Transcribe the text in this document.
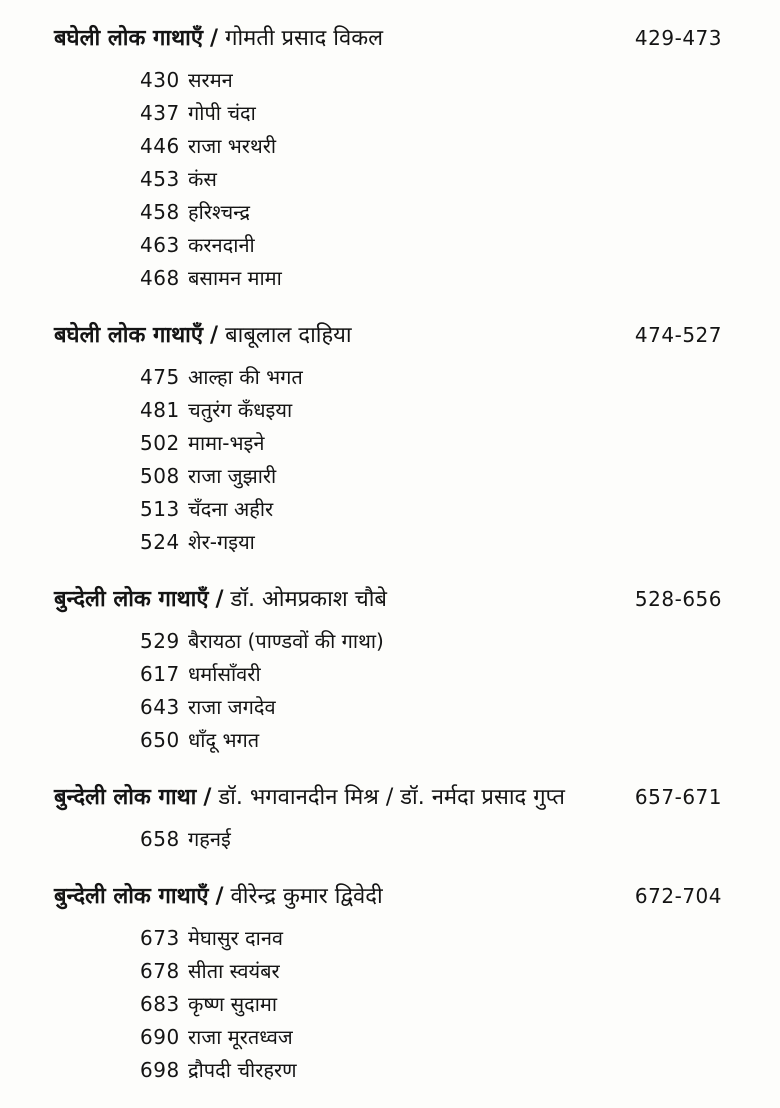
बघेली लोक गाथाएँ / गोमती प्रसाद विकल	429-473
430 सरमन
437 गोपी चंदा
446 राजा भरथरी
453 कंस
458 हरिश्चन्द्र
463 करनदानी
468 बसामन मामा
बघेली लोक गाथाएँ / बाबूलाल दाहिया	474-527
475 आल्हा की भगत
481 चतुरंग कँधइया
502 मामा-भइने
508 राजा जुझारी
513 चँदना अहीर
524 शेर-गइया
बुन्देली लोक गाथाएँ / डॉ. ओमप्रकाश चौबे	528-656
529 बैरायठा (पाण्डवों की गाथा)
617 धर्मासाँवरी
643 राजा जगदेव
650 धाँदू भगत
बुन्देली लोक गाथा / डॉ. भगवानदीन मिश्र / डॉ. नर्मदा प्रसाद गुप्त	657-671
658 गहनई
बुन्देली लोक गाथाएँ / वीरेन्द्र कुमार द्विवेदी	672-704
673 मेघासुर दानव
678 सीता स्वयंबर
683 कृष्ण सुदामा
690 राजा मूरतध्वज
698 द्रौपदी चीरहरण
